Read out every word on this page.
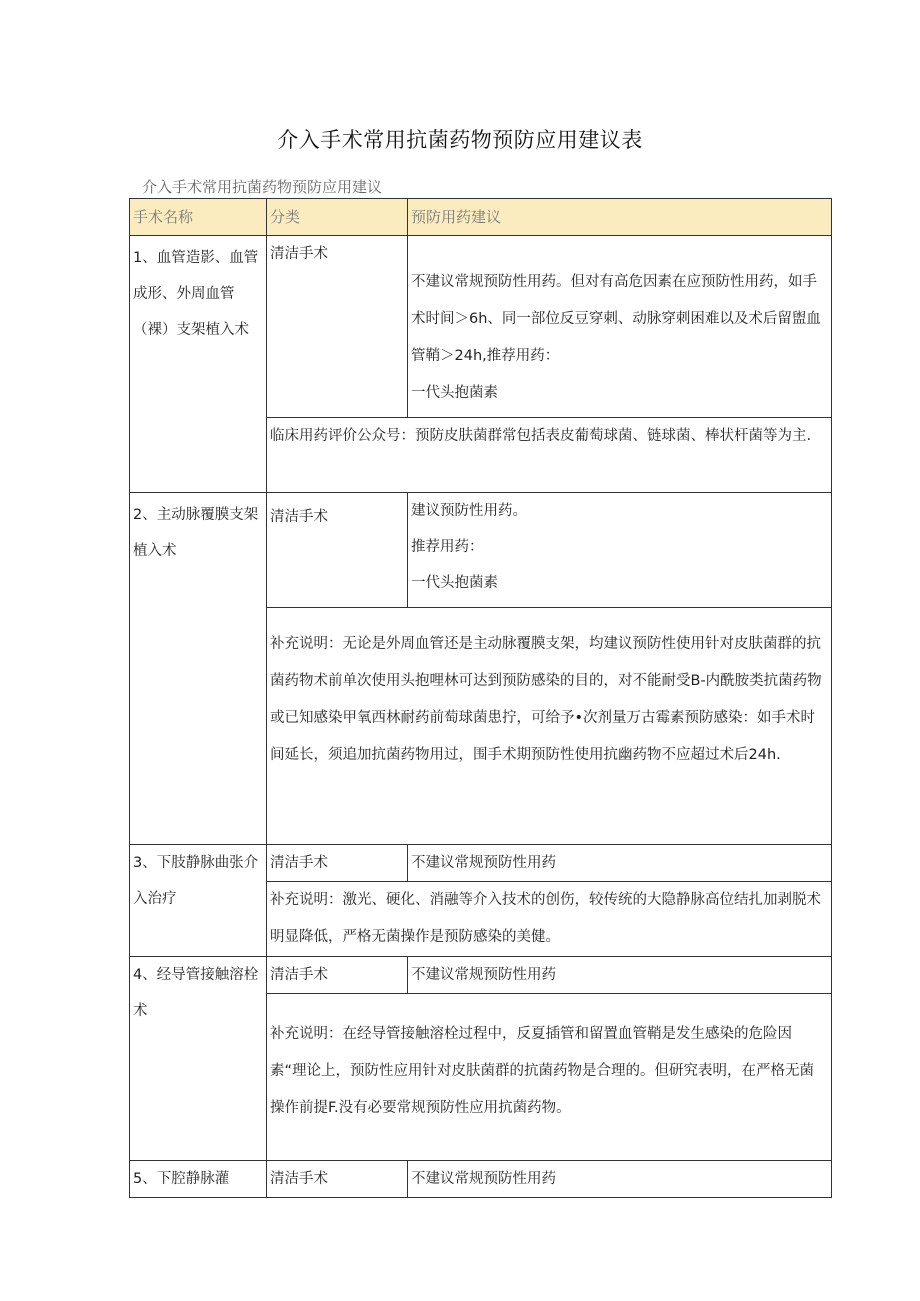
介入手术常用抗菌药物预防应用建议表
介入手术常用抗菌药物预防应用建议
手术名称	分类	预防用药建议
1、血管造影、血管成形、外周血管（裸）支架植入术	清洁手术	不建议常规预防性用药。但对有高危因素在应预防性用药，如手术时间＞6h、同一部位反豆穿刺、动脉穿刺困难以及术后留盥血管鞘＞24h,推荐用药：
一代头抱菌素
	临床用药评价公众号：预防皮肤菌群常包括表皮葡萄球菌、链球菌、棒状杆菌等为主.	
2、主动脉覆膜支架植入术	清洁手术	建议预防性用药。
推荐用药：
一代头抱菌素
	补充说明：无论是外周血管还是主动脉覆膜支架，均建议预防性使用针对皮肤菌群的抗菌药物术前单次使用头抱哩林可达到预防感染的目的，对不能耐受B-内酰胺类抗菌药物或已知感染甲氧西林耐药前萄球菌患拧，可给予•次剂量万古霉素预防感染：如手术时间延长，须追加抗菌药物用过，围手术期预防性使用抗幽药物不应超过术后24h.	
3、下肢静脉曲张介入治疗	清洁手术	不建议常规预防性用药
	补充说明：激光、硬化、消融等介入技术的创伤，较传统的大隐静脉高位结扎加剥脱术明显降低，严格无菌操作是预防感染的美健。	
4、经导管接触溶栓术	清洁手术	不建议常规预防性用药
	补充说明：在经导管接触溶栓过程中，反夏插管和留置血管鞘是发生感染的危险因素“理论上，预防性应用针对皮肤菌群的抗菌药物是合理的。但研究表明，在严格无菌操作前提F.没有必要常规预防性应用抗菌药物。	
5、下腔静脉灌	清洁手术	不建议常规预防性用药
